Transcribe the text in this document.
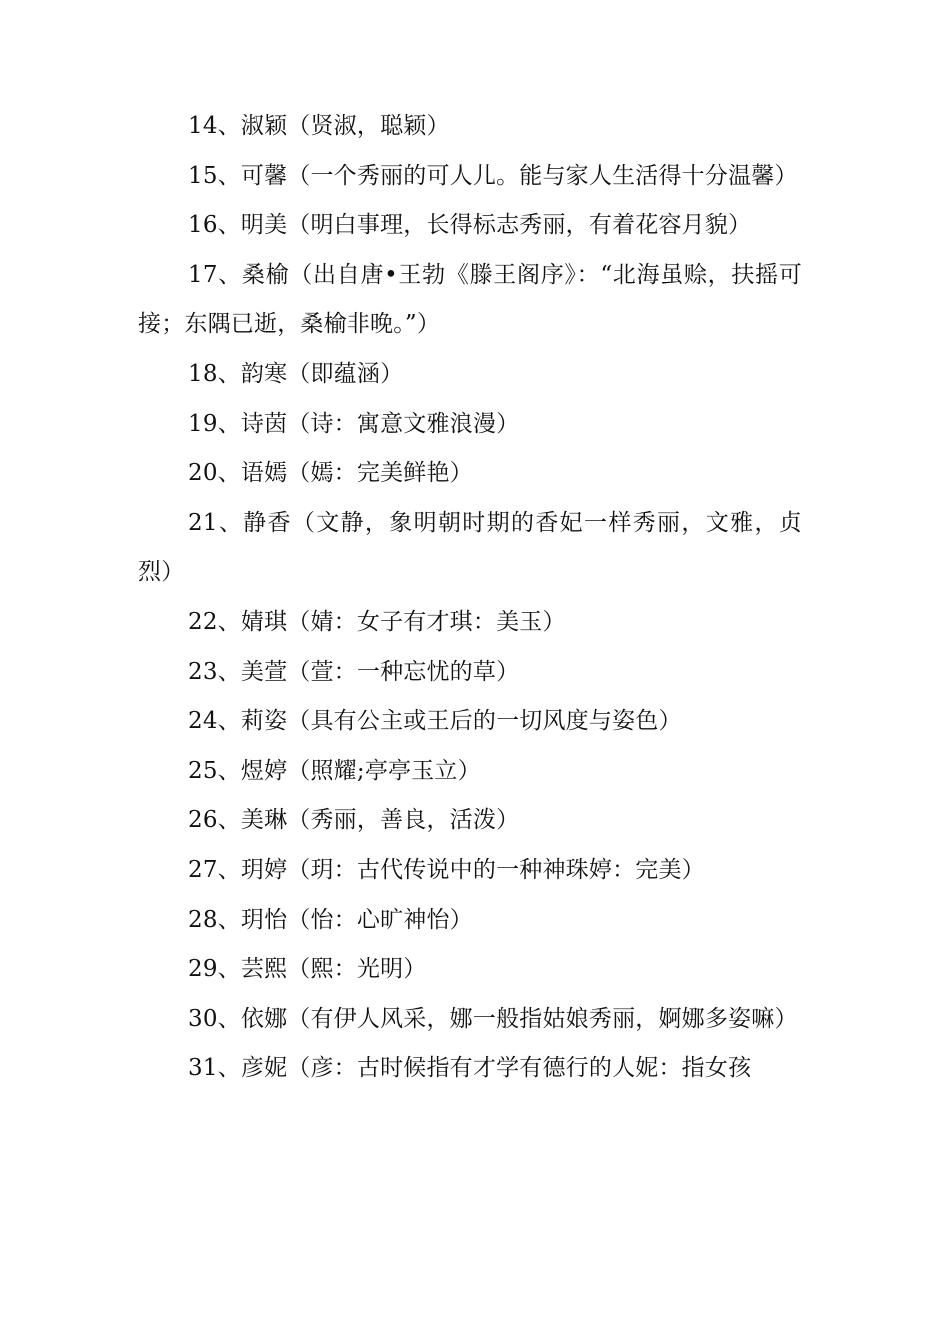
14、淑颖（贤淑，聪颖）

15、可馨（一个秀丽的可人儿。能与家人生活得十分温馨）

16、明美（明白事理，长得标志秀丽，有着花容月貌）

17、桑榆（出自唐•王勃《滕王阁序》：“北海虽赊，扶摇可接；东隅已逝，桑榆非晚。”）

18、韵寒（即蕴涵）

19、诗茵（诗：寓意文雅浪漫）

20、语嫣（嫣：完美鲜艳）

21、静香（文静，象明朝时期的香妃一样秀丽，文雅，贞烈）

22、婧琪（婧：女子有才琪：美玉）

23、美萱（萱：一种忘忧的草）

24、莉姿（具有公主或王后的一切风度与姿色）

25、煜婷（照耀;亭亭玉立）

26、美琳（秀丽，善良，活泼）

27、玥婷（玥：古代传说中的一种神珠婷：完美）

28、玥怡（怡：心旷神怡）

29、芸熙（熙：光明）

30、依娜（有伊人风采，娜一般指姑娘秀丽，婀娜多姿嘛）

31、彦妮（彦：古时候指有才学有德行的人妮：指女孩
